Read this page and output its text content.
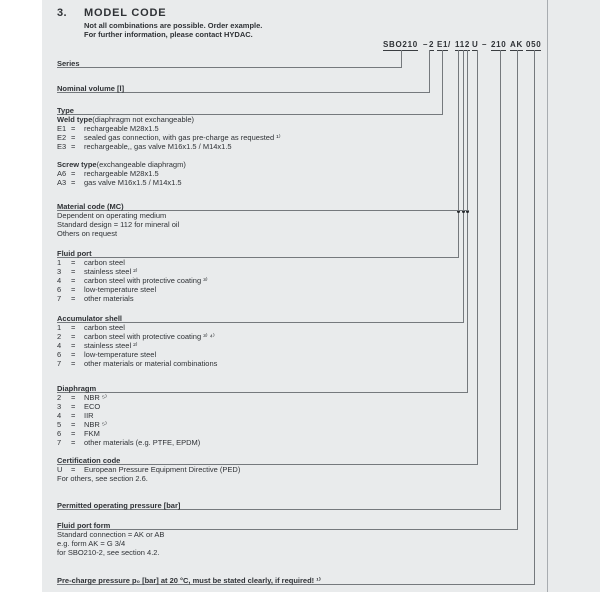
3. MODEL CODE
Not all combinations are possible. Order example.
For further information, please contact HYDAC.
SBO210 – 2 E1 / 112 U – 210 AK 050
Series
Nominal volume [l]
Type
Weld type (diaphragm not exchangeable)
E1 =	rechargeable M28x1.5
E2 =	sealed gas connection, with gas pre-charge as requested ¹⁾
E3 =	rechargeable,, gas valve M16x1.5 / M14x1.5
Screw type (exchangeable diaphragm)
A6 =	rechargeable M28x1.5
A3 =	gas valve M16x1.5 / M14x1.5
Material code (MC)
Dependent on operating medium
Standard design = 112 for mineral oil
Others on request
Fluid port
1	=	carbon steel
3	=	stainless steel ²⁾
4	=	carbon steel with protective coating ³⁾
6	=	low-temperature steel
7	=	other materials
Accumulator shell
1	=	carbon steel
2	=	carbon steel with protective coating ³⁾ ⁴⁾
4	=	stainless steel ²⁾
6	=	low-temperature steel
7	=	other materials or material combinations
Diaphragm
2	=	NBR ⁵⁾
3	=	ECO
4	=	IIR
5	=	NBR ⁵⁾
6	=	FKM
7	=	other materials (e.g. PTFE, EPDM)
Certification code
U	=	European Pressure Equipment Directive (PED)
For others, see section 2.6.
Permitted operating pressure [bar]
Fluid port form
Standard connection = AK or AB
e.g. form AK = G 3/4
for SBO210-2, see section 4.2.
Pre-charge pressure p₀ [bar] at 20 °C, must be stated clearly, if required! ¹⁾
